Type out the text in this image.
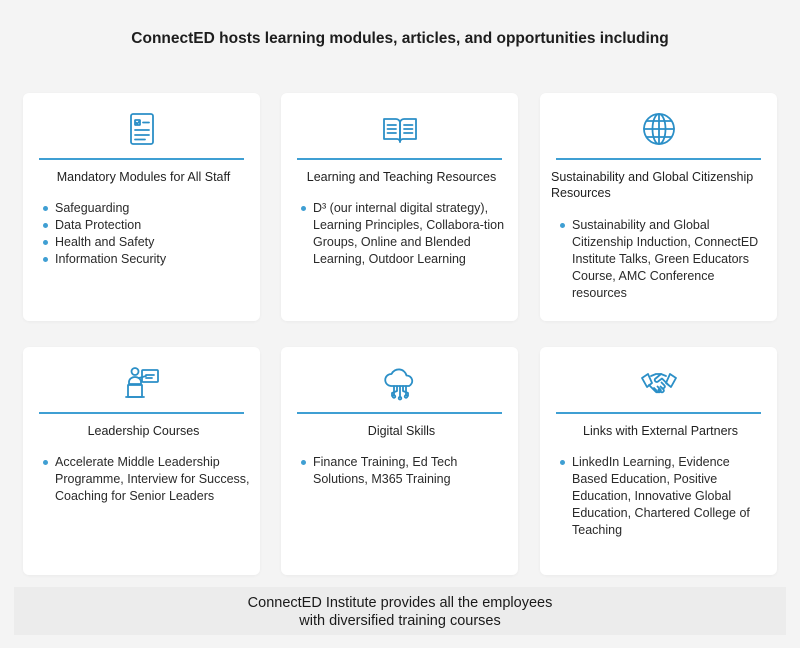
ConnectED hosts learning modules, articles, and opportunities including
Mandatory Modules for All Staff
Safeguarding
Data Protection
Health and Safety
Information Security
Learning and Teaching Resources
D³ (our internal digital strategy), Learning Principles, Collabora-tion Groups, Online and Blended Learning, Outdoor Learning
Sustainability and Global Citizenship Resources
Sustainability and Global Citizenship Induction, ConnectED Institute Talks, Green Educators Course, AMC Conference resources
Leadership Courses
Accelerate Middle Leadership Programme, Interview for Success, Coaching for Senior Leaders
Digital Skills
Finance Training, Ed Tech Solutions, M365 Training
Links with External Partners
LinkedIn Learning, Evidence Based Education, Positive Education, Innovative Global Education, Chartered College of Teaching
ConnectED Institute provides all the employees
with diversified training courses
